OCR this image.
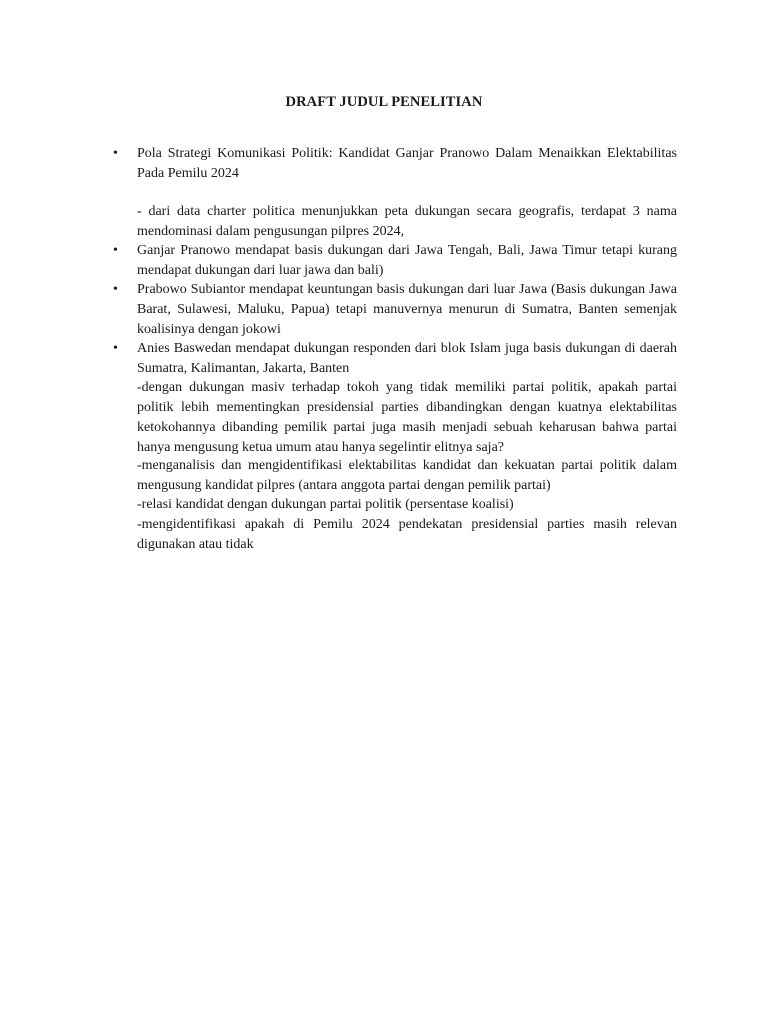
DRAFT JUDUL PENELITIAN
• Pola Strategi Komunikasi Politik: Kandidat Ganjar Pranowo Dalam Menaikkan Elektabilitas Pada Pemilu 2024
- dari data charter politica menunjukkan peta dukungan secara geografis, terdapat 3 nama mendominasi dalam pengusungan pilpres 2024,
• Ganjar Pranowo mendapat basis dukungan dari Jawa Tengah, Bali, Jawa Timur tetapi kurang mendapat dukungan dari luar jawa dan bali)
• Prabowo Subiantor mendapat keuntungan basis dukungan dari luar Jawa (Basis dukungan Jawa Barat, Sulawesi, Maluku, Papua) tetapi manuvernya menurun di Sumatra, Banten semenjak koalisinya dengan jokowi
• Anies Baswedan mendapat dukungan responden dari blok Islam juga basis dukungan di daerah Sumatra, Kalimantan, Jakarta, Banten
-dengan dukungan masiv terhadap tokoh yang tidak memiliki partai politik, apakah partai politik lebih mementingkan presidensial parties dibandingkan dengan kuatnya elektabilitas ketokohannya dibanding pemilik partai juga masih menjadi sebuah keharusan bahwa partai hanya mengusung ketua umum atau hanya segelintir elitnya saja?
-menganalisis dan mengidentifikasi elektabilitas kandidat dan kekuatan partai politik dalam mengusung kandidat pilpres (antara anggota partai dengan pemilik partai)
-relasi kandidat dengan dukungan partai politik (persentase koalisi)
-mengidentifikasi apakah di Pemilu 2024 pendekatan presidensial parties masih relevan digunakan atau tidak
